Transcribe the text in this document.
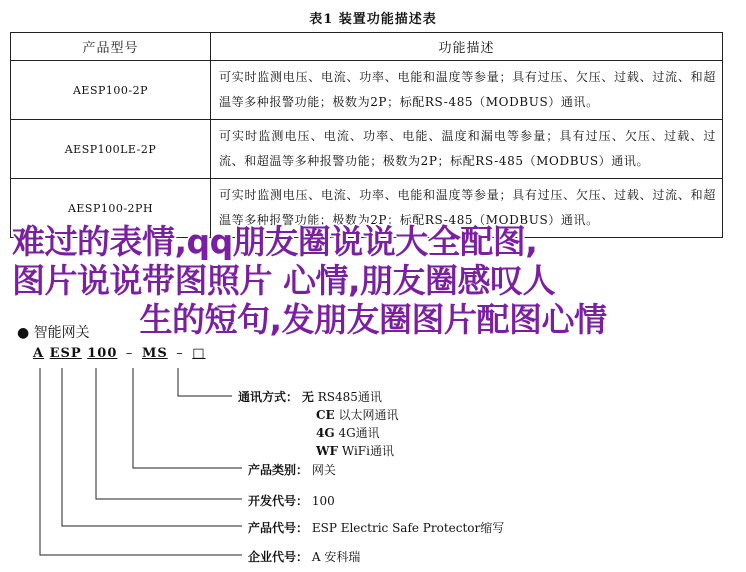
表1 装置功能描述表
产品型号	功能描述
AESP100-2P	可实时监测电压、电流、功率、电能和温度等参量；具有过压、欠压、过载、过流、和超温等多种报警功能；极数为2P；标配RS-485（MODBUS）通讯。
AESP100LE-2P	可实时监测电压、电流、功率、电能、温度和漏电等参量；具有过压、欠压、过载、过流、和超温等多种报警功能；极数为2P；标配RS-485（MODBUS）通讯。
AESP100-2PH	可实时监测电压、电流、功率、电能和温度等参量；具有过压、欠压、过载、过流、和超温等多种报警功能；极数为2P；标配RS-485（MODBUS）通讯。
难过的表情,qq朋友圈说说大全配图,
图片说说带图照片 心情,朋友圈感叹人

生的短句,发朋友圈图片配图心情
● 智能网关
A ESP 100 – MS – □
通讯方式： 无 RS485通讯
CE 以太网通讯
4G 4G通讯
WF WiFi通讯
产品类别： 网关
开发代号： 100
产品代号： ESP Electric Safe Protector缩写
企业代号： A 安科瑞
